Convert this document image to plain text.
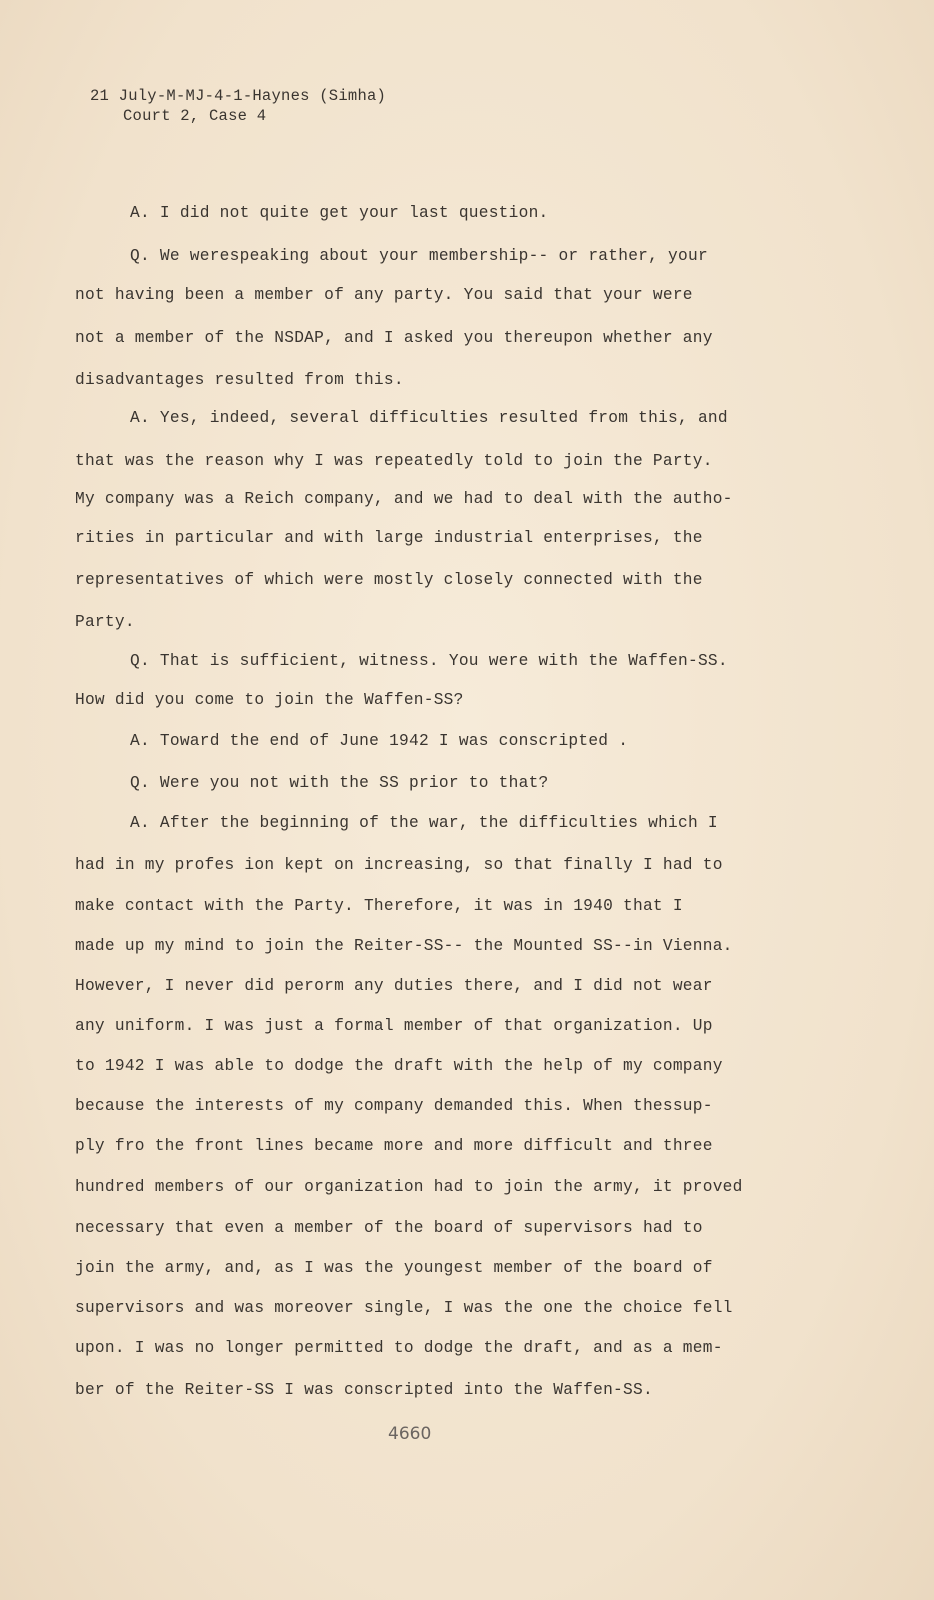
21 July-M-MJ-4-1-Haynes (Simha)
Court 2, Case 4
A. I did not quite get your last question.
Q. We werespeaking about your membership-- or rather, your
not having been a member of any party. You said that your were
not a member of the NSDAP, and I asked you thereupon whether any
disadvantages resulted from this.
A. Yes, indeed, several difficulties resulted from this, and
that was the reason why I was repeatedly told to join the Party.
My company was a Reich company, and we had to deal with the autho-
rities in particular and with large industrial enterprises, the
representatives of which were mostly closely connected with the
Party.
Q. That is sufficient, witness. You were with the Waffen-SS.
How did you come to join the Waffen-SS?
A. Toward the end of June 1942 I was conscripted .
Q. Were you not with the SS prior to that?
A. After the beginning of the war, the difficulties which I
had in my profes ion kept on increasing, so that finally I had to
make contact with the Party. Therefore, it was in 1940 that I
made up my mind to join the Reiter-SS-- the Mounted SS--in Vienna.
However, I never did perorm any duties there, and I did not wear
any uniform. I was just a formal member of that organization. Up
to 1942 I was able to dodge the draft with the help of my company
because the interests of my company demanded this. When thessup-
ply fro the front lines became more and more difficult and three
hundred members of our organization had to join the army, it proved
necessary that even a member of the board of supervisors had to
join the army, and, as I was the youngest member of the board of
supervisors and was moreover single, I was the one the choice fell
upon. I was no longer permitted to dodge the draft, and as a mem-
ber of the Reiter-SS I was conscripted into the Waffen-SS.
4660
